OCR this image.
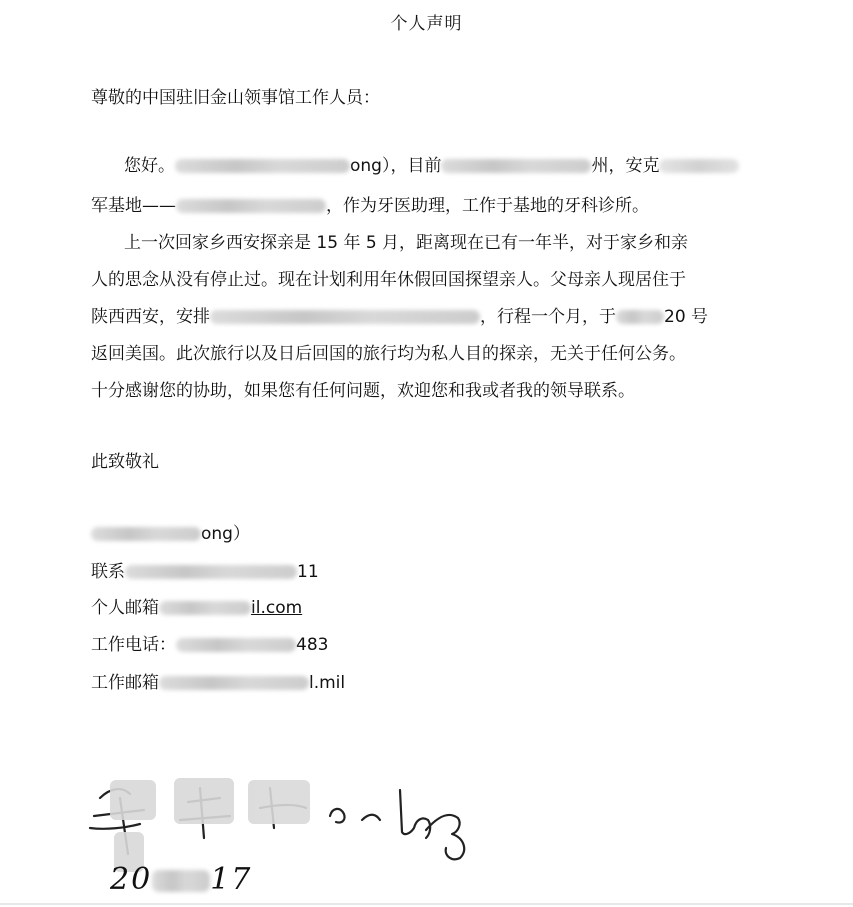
个人声明
尊敬的中国驻旧金山领事馆工作人员：
您好。	ong），目前	州，安克
军基地——	，作为牙医助理，工作于基地的牙科诊所。
上一次回家乡西安探亲是 15 年 5 月，距离现在已有一年半，对于家乡和亲
人的思念从没有停止过。现在计划利用年休假回国探望亲人。父母亲人现居住于
陕西西安，安排	，行程一个月，于	20 号
返回美国。此次旅行以及日后回国的旅行均为私人目的探亲，无关于任何公务。
十分感谢您的协助，如果您有任何问题，欢迎您和我或者我的领导联系。
此致敬礼
ong）
联系	11
个人邮箱	il.com
工作电话：	483
工作邮箱	l.mil
20 17
